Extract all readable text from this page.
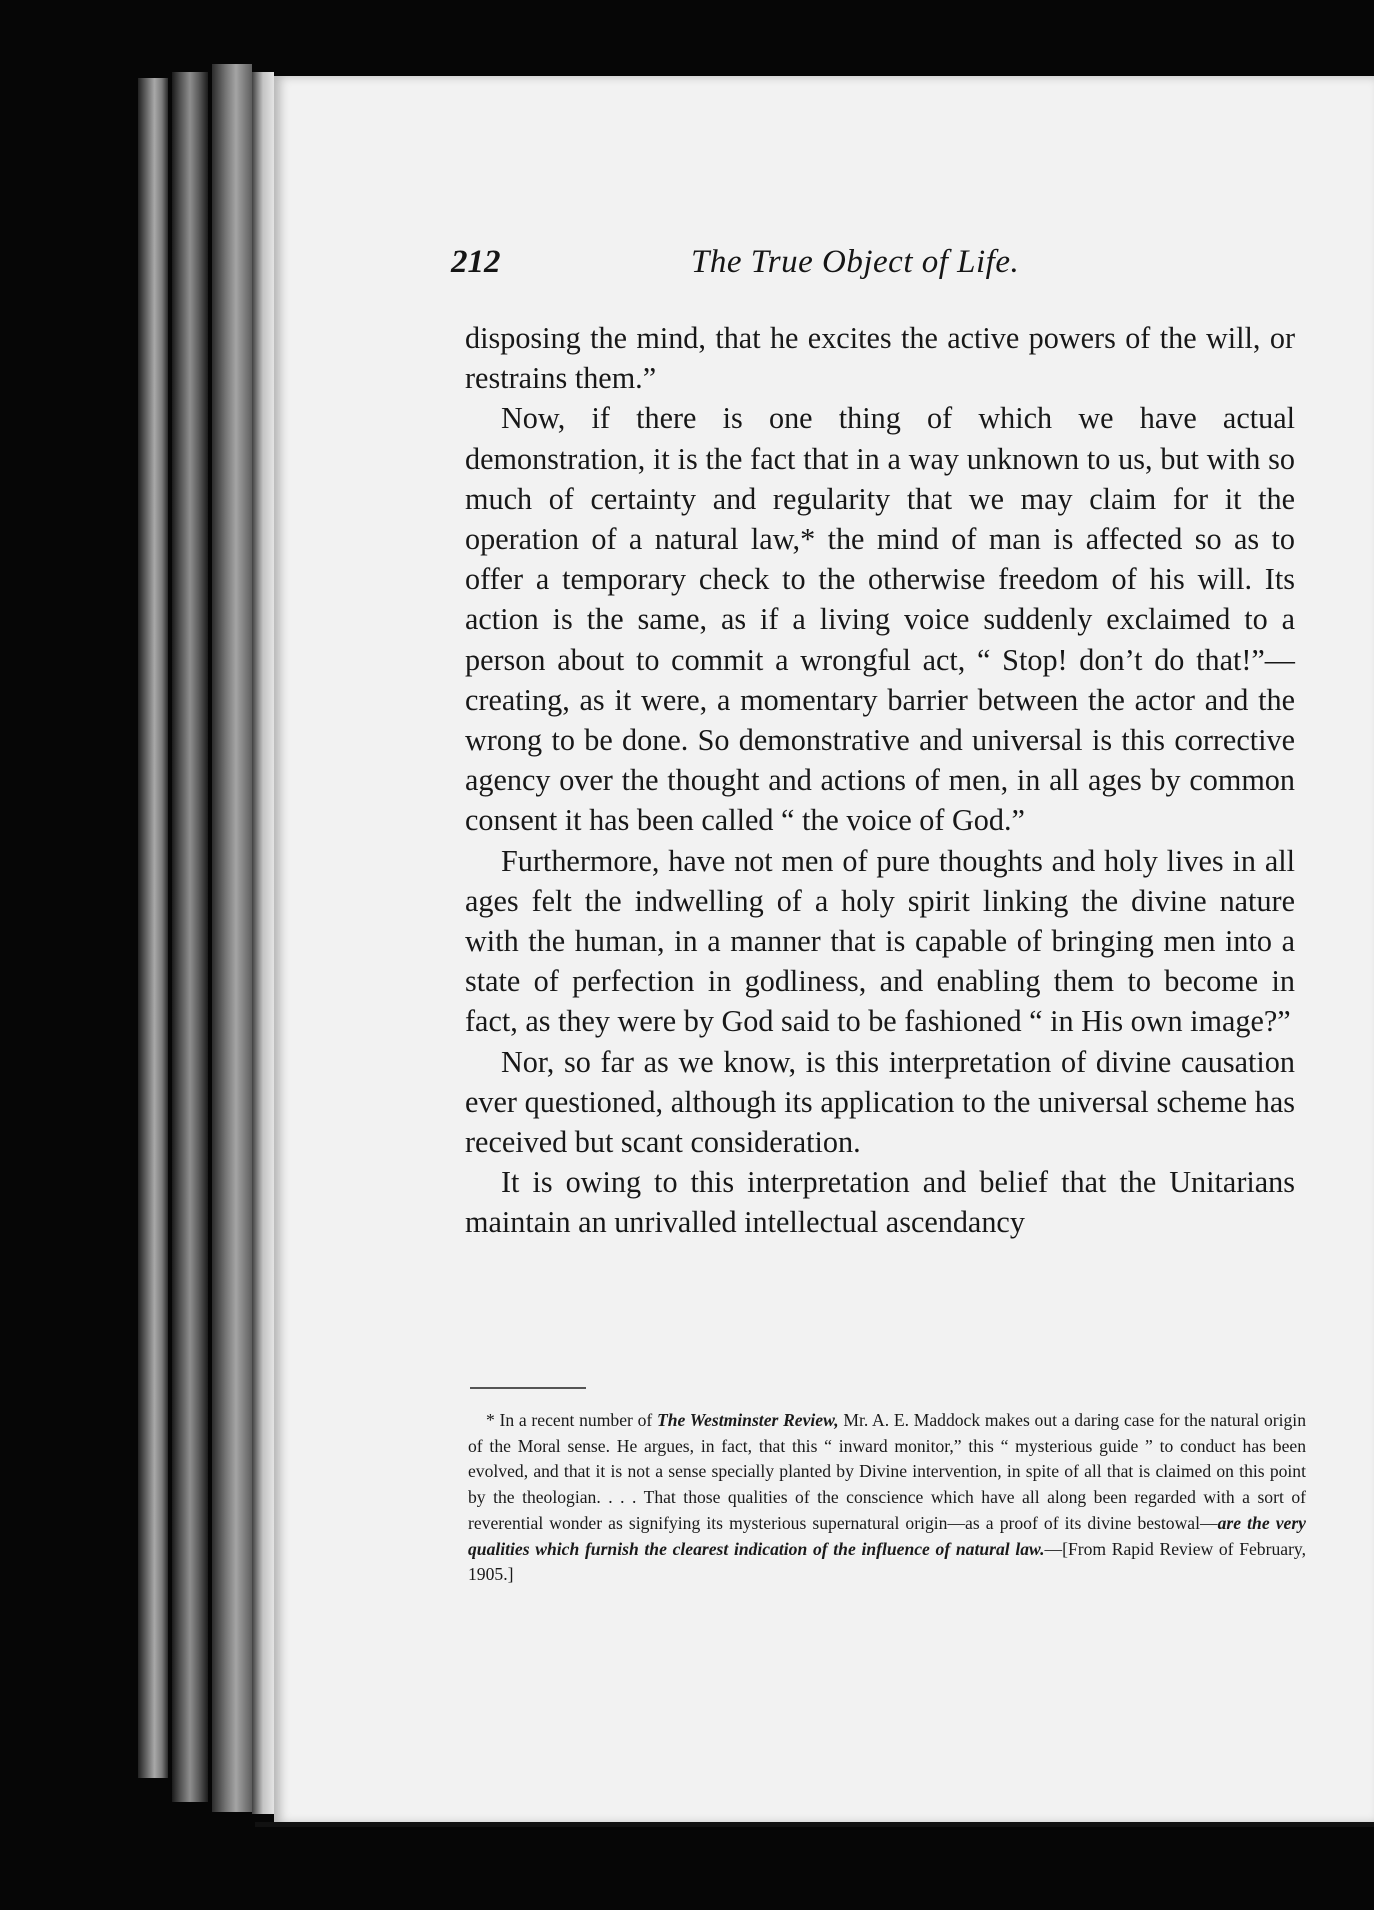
212	The True Object of Life.

disposing the mind, that he excites the active powers of the will, or restrains them.”

Now, if there is one thing of which we have actual demonstration, it is the fact that in a way unknown to us, but with so much of certainty and regularity that we may claim for it the operation of a natural law,* the mind of man is affected so as to offer a temporary check to the otherwise freedom of his will. Its action is the same, as if a living voice suddenly exclaimed to a person about to commit a wrongful act, “ Stop! don’t do that!”—creating, as it were, a momentary barrier between the actor and the wrong to be done. So demonstrative and universal is this corrective agency over the thought and actions of men, in all ages by common consent it has been called “ the voice of God.”

Furthermore, have not men of pure thoughts and holy lives in all ages felt the indwelling of a holy spirit linking the divine nature with the human, in a manner that is capable of bringing men into a state of perfection in godliness, and enabling them to become in fact, as they were by God said to be fashioned “ in His own image?”

Nor, so far as we know, is this interpretation of divine causation ever questioned, although its application to the universal scheme has received but scant consideration.

It is owing to this interpretation and belief that the Unitarians maintain an unrivalled intellectual ascendancy

* In a recent number of The Westminster Review, Mr. A. E. Maddock makes out a daring case for the natural origin of the Moral sense. He argues, in fact, that this “ inward monitor,” this “ mysterious guide ” to conduct has been evolved, and that it is not a sense specially planted by Divine intervention, in spite of all that is claimed on this point by the theologian. . . . That those qualities of the conscience which have all along been regarded with a sort of reverential wonder as signifying its mysterious supernatural origin—as a proof of its divine bestowal—are the very qualities which furnish the clearest indication of the influence of natural law.—[From Rapid Review of February, 1905.]
